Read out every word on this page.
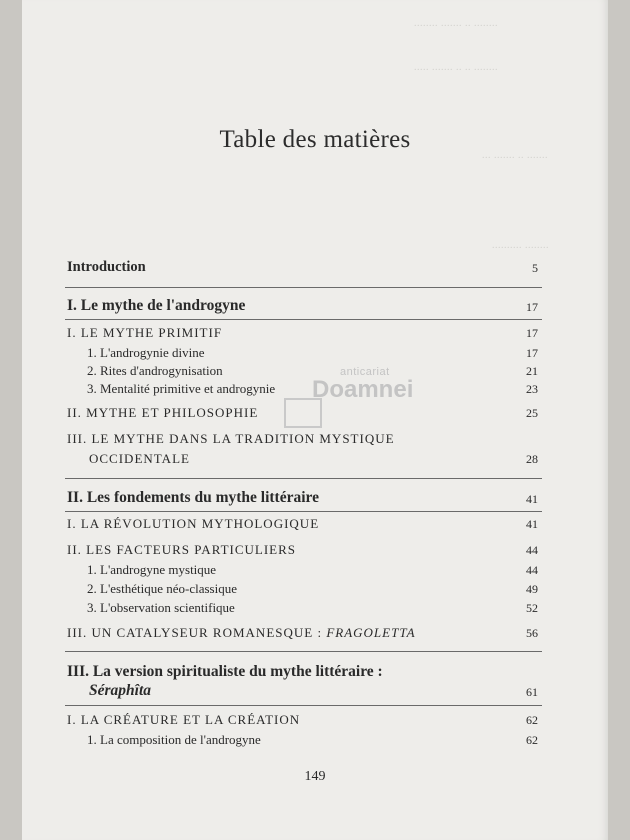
........ ....... .. ........
..... ....... .. .. ........
... ....... .. .......
.......... ........
Table des matières
Introduction	5
I. Le mythe de l'androgyne	17
I. LE MYTHE PRIMITIF	17
1. L'androgynie divine	17
2. Rites d'androgynisation	21
3. Mentalité primitive et androgynie	23
II. MYTHE ET PHILOSOPHIE	25
III. LE MYTHE DANS LA TRADITION MYSTIQUE
OCCIDENTALE	28
II. Les fondements du mythe littéraire	41
I. LA RÉVOLUTION MYTHOLOGIQUE	41
II. LES FACTEURS PARTICULIERS	44
1. L'androgyne mystique	44
2. L'esthétique néo-classique	49
3. L'observation scientifique	52
III. UN CATALYSEUR ROMANESQUE : FRAGOLETTA	56
III. La version spiritualiste du mythe littéraire :
Séraphîta	61
I. LA CRÉATURE ET LA CRÉATION	62
1. La composition de l'androgyne	62
149
anticariat
Doamnei
